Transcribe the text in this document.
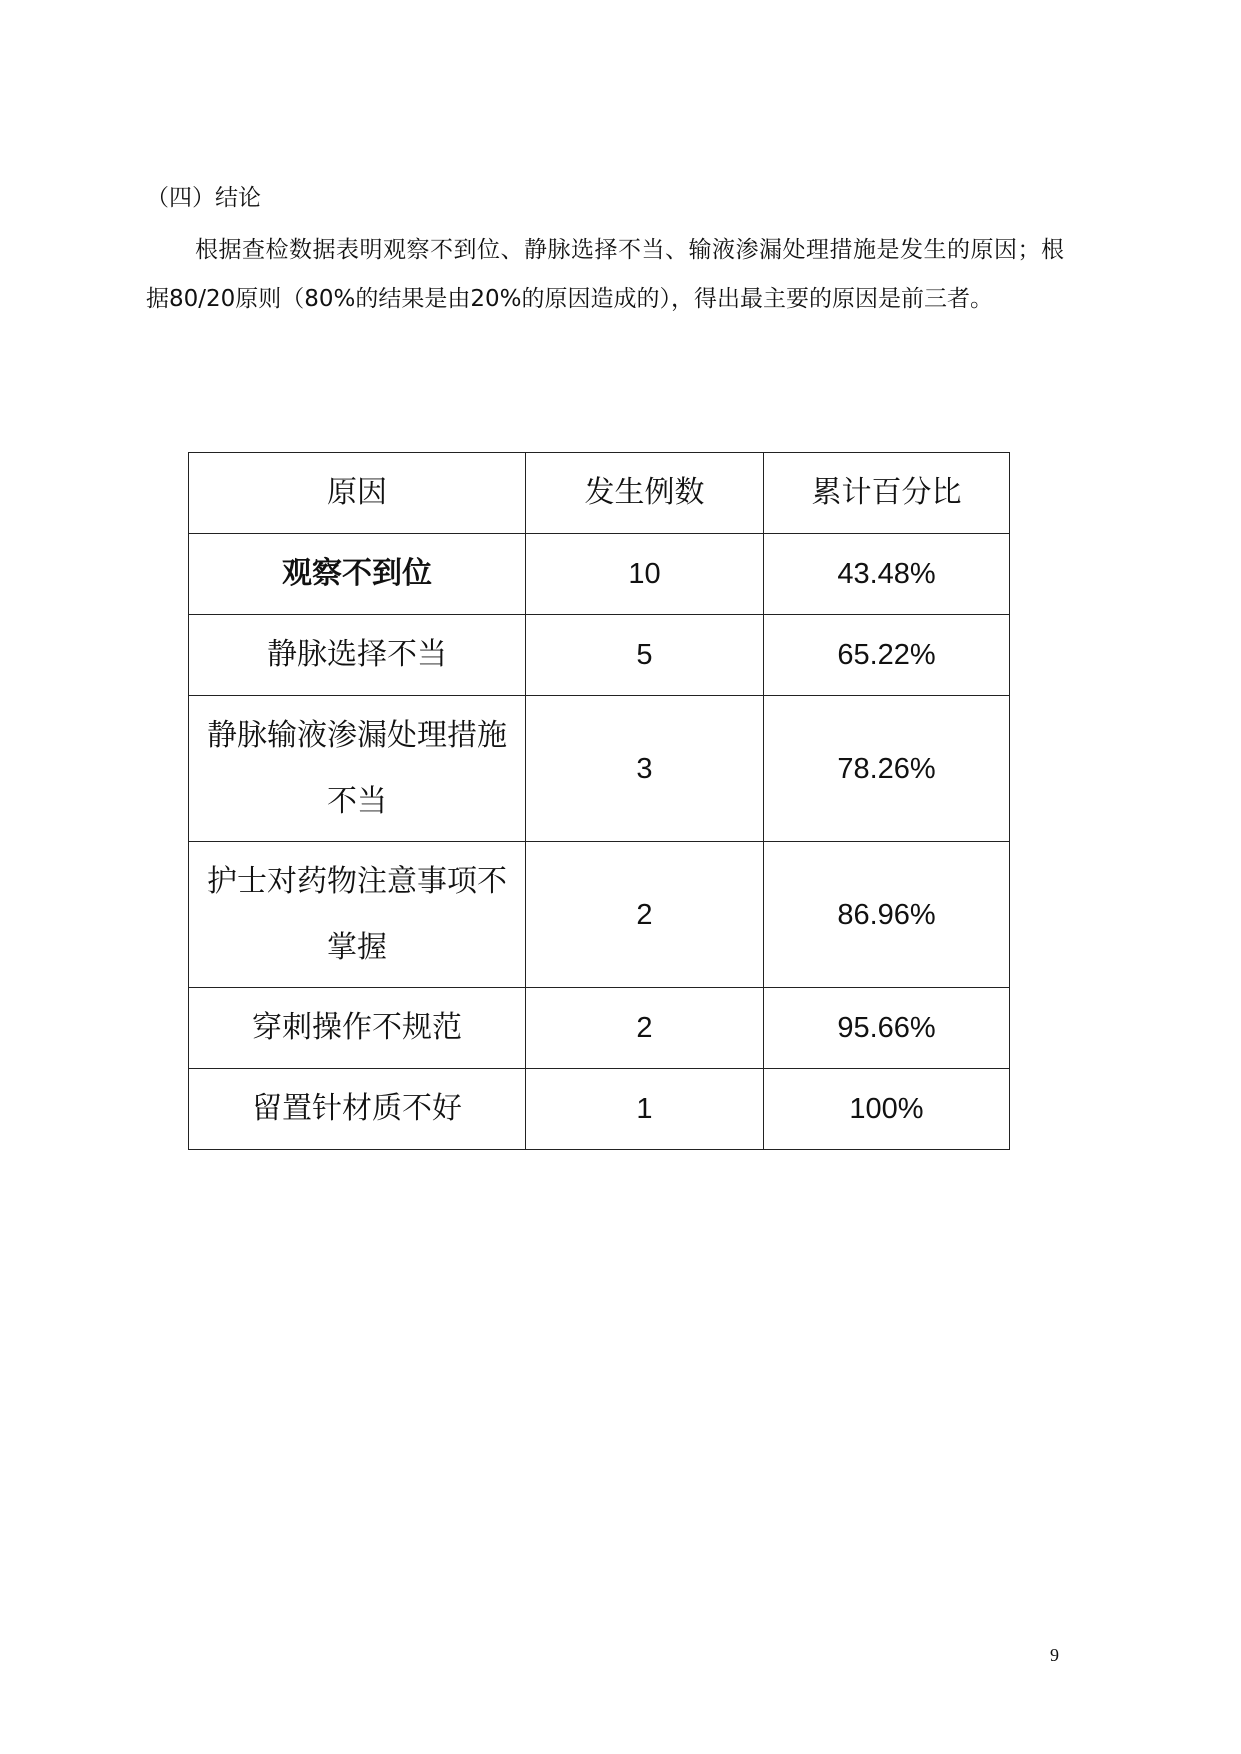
（四）结论

根据查检数据表明观察不到位、静脉选择不当、输液渗漏处理措施是发生的原因；根据80/20原则（80%的结果是由20%的原因造成的），得出最主要的原因是前三者。

原因	发生例数	累计百分比
观察不到位	10	43.48%
静脉选择不当	5	65.22%
静脉输液渗漏处理措施不当	3	78.26%
护士对药物注意事项不掌握	2	86.96%
穿刺操作不规范	2	95.66%
留置针材质不好	1	100%
9
